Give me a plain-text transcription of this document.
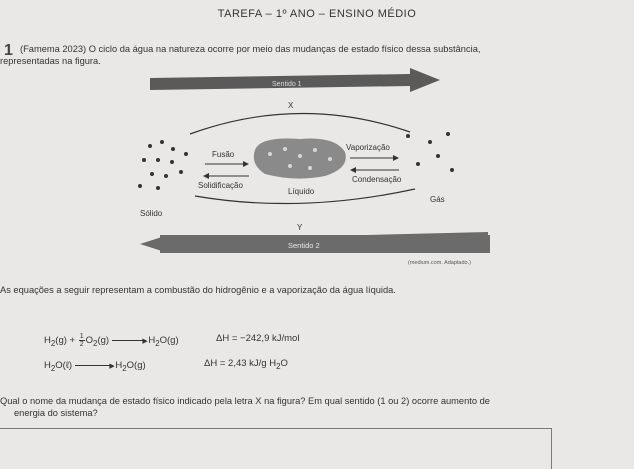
TAREFA – 1º ANO – ENSINO MÉDIO
1 (Famema 2023) O ciclo da água na natureza ocorre por meio das mudanças de estado físico dessa substância,
representadas na figura.
Sentido 1
X
Fusão
Solidificação
Líquido
Vaporização
Condensação
Sólido
Gás
Y
Sentido 2
(medium.com. Adaptado.)
As equações a seguir representam a combustão do hidrogênio e a vaporização da água líquida.
$H_2(g) + \frac{1}{2} O_2(g)$	▶ $H_2O(g)$	ΔH = −242,9 kJ/mol
$H_2O(\ell)$	▶ $H_2O(g)$	ΔH = 2,43 kJ/g $H_2O$
Qual o nome da mudança de estado físico indicado pela letra X na figura? Em qual sentido (1 ou 2) ocorre aumento de
energia do sistema?
